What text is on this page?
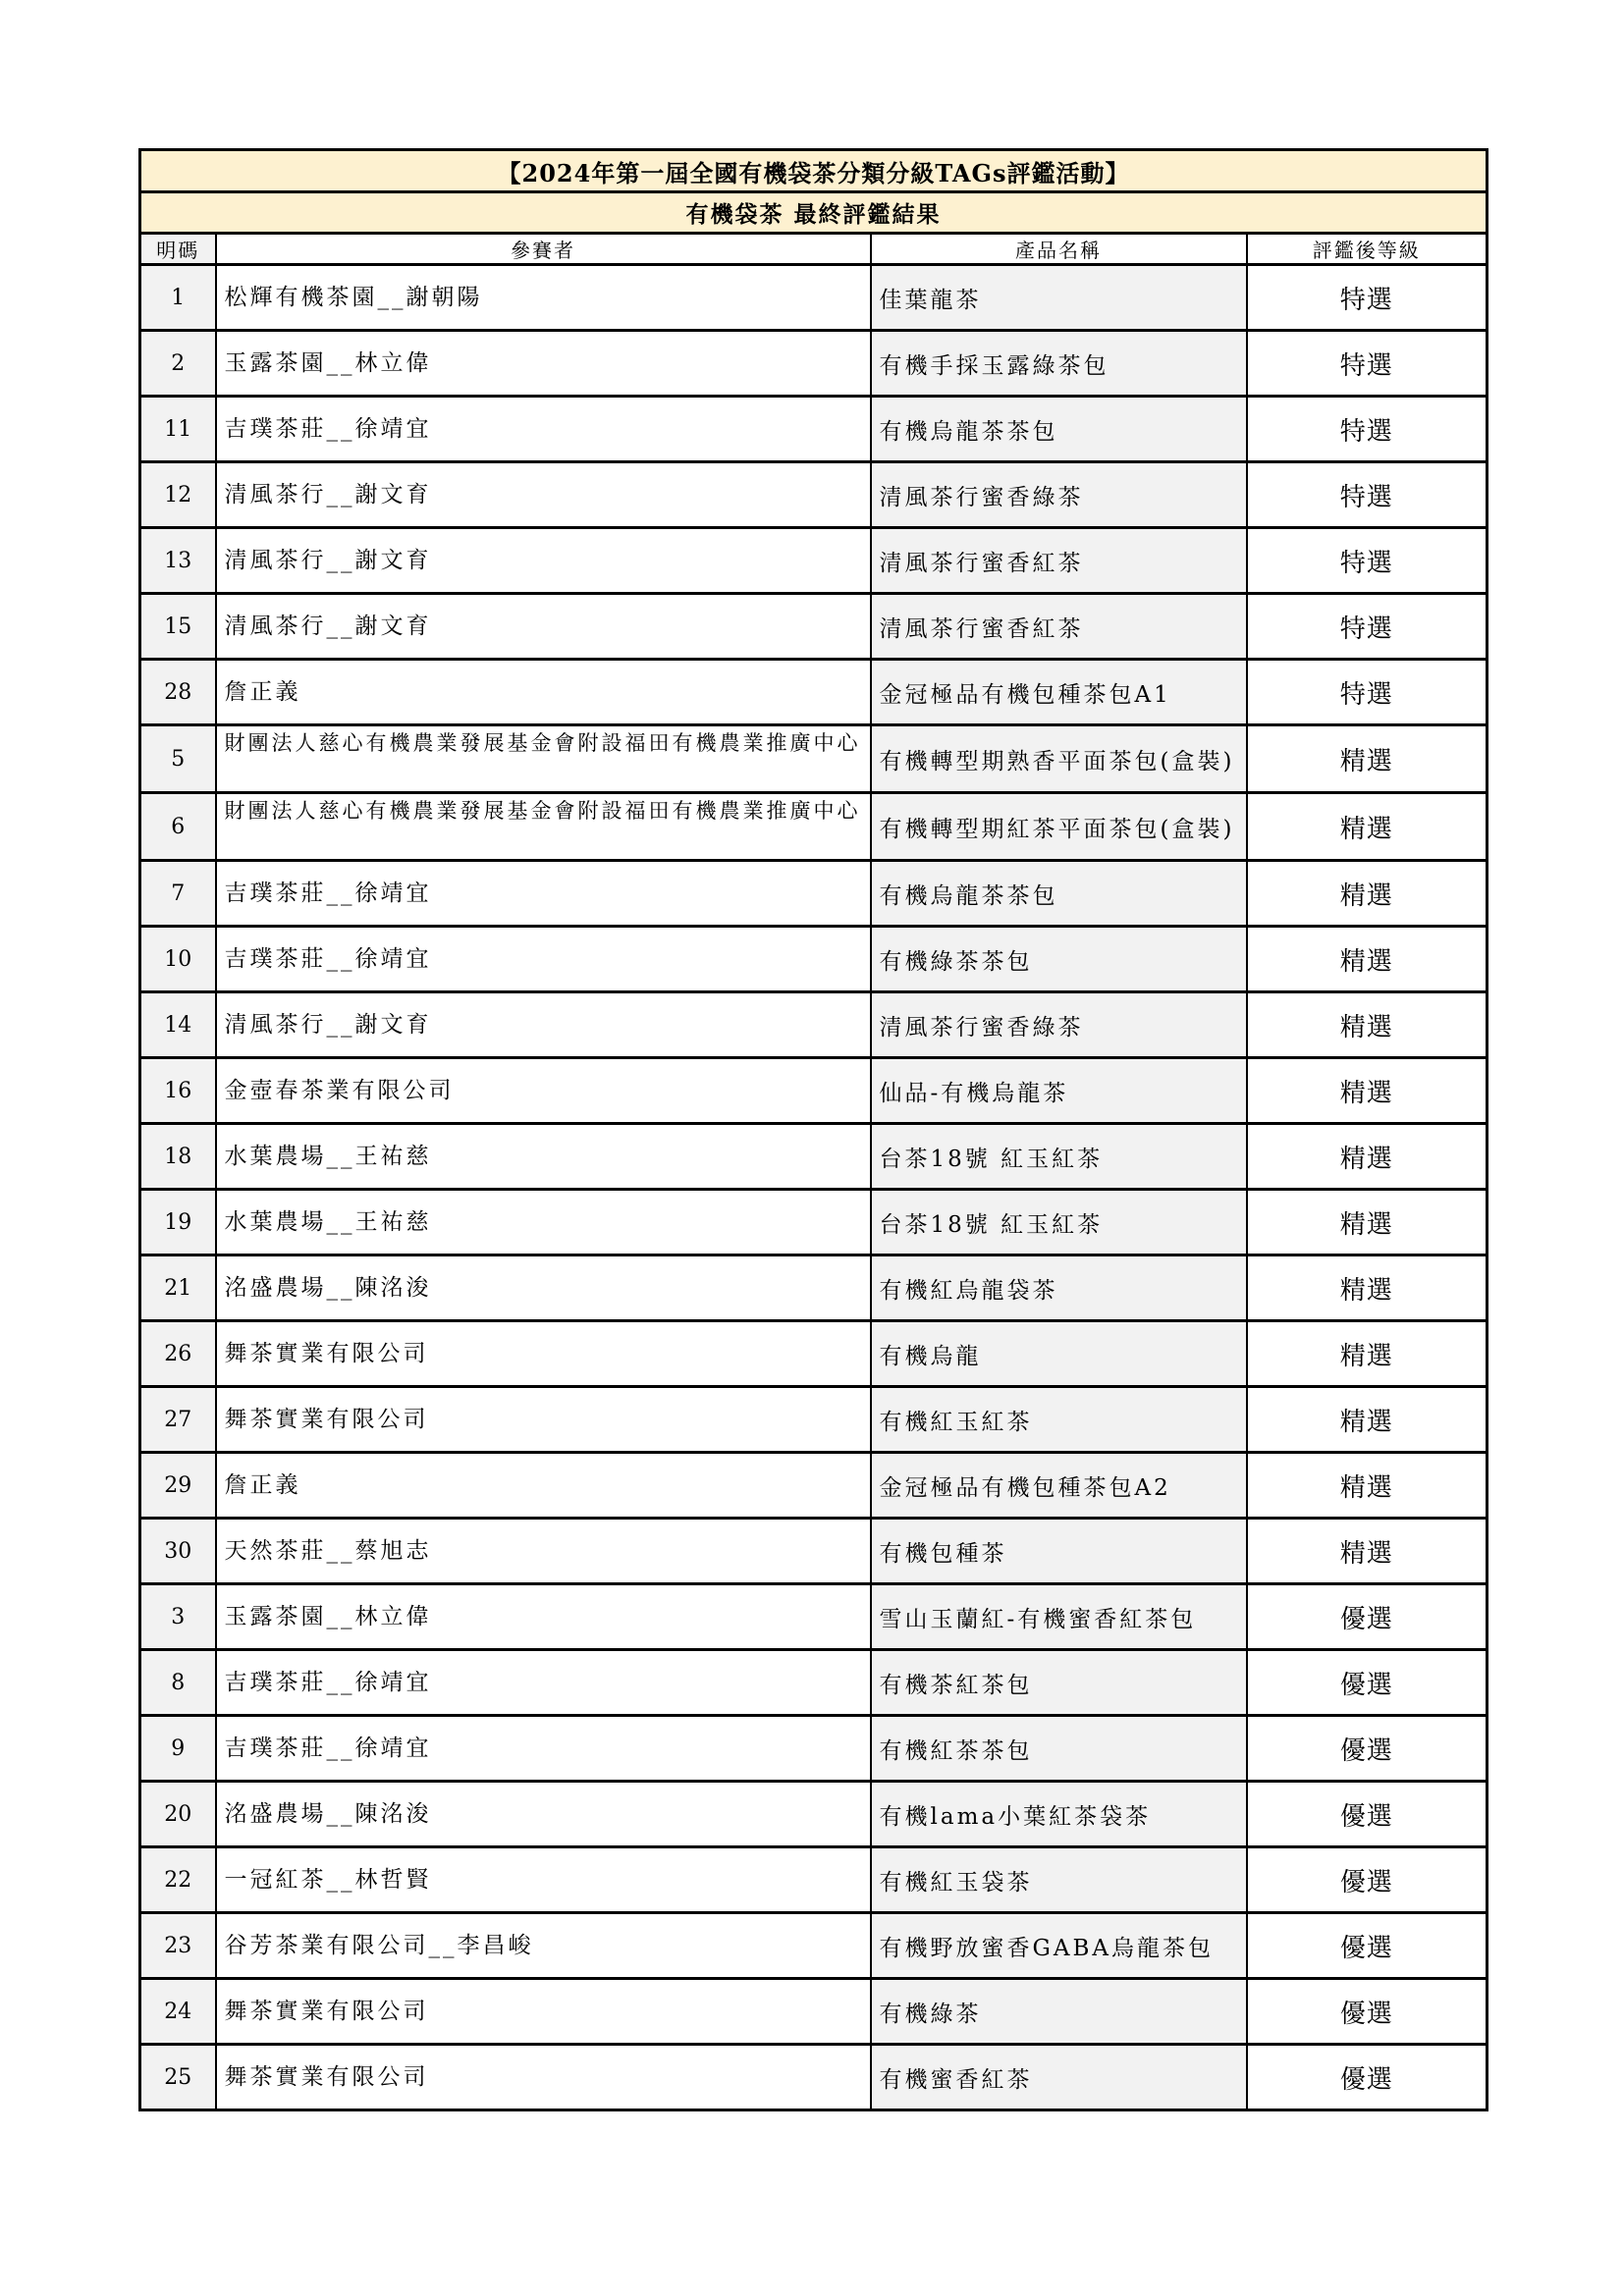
【2024年第一屆全國有機袋茶分類分級TAGs評鑑活動】			
有機袋茶 最終評鑑結果			
明碼	參賽者	產品名稱	評鑑後等級
1	松輝有機茶園__謝朝陽	佳葉龍茶	特選
2	玉露茶園__林立偉	有機手採玉露綠茶包	特選
11	吉璞茶莊__徐靖宜	有機烏龍茶茶包	特選
12	清風茶行__謝文育	清風茶行蜜香綠茶	特選
13	清風茶行__謝文育	清風茶行蜜香紅茶	特選
15	清風茶行__謝文育	清風茶行蜜香紅茶	特選
28	詹正義	金冠極品有機包種茶包A1	特選
5	財團法人慈心有機農業發展基金會附設福田有機農業推廣中心	有機轉型期熟香平面茶包(盒裝)	精選
6	財團法人慈心有機農業發展基金會附設福田有機農業推廣中心	有機轉型期紅茶平面茶包(盒裝)	精選
7	吉璞茶莊__徐靖宜	有機烏龍茶茶包	精選
10	吉璞茶莊__徐靖宜	有機綠茶茶包	精選
14	清風茶行__謝文育	清風茶行蜜香綠茶	精選
16	金壺春茶業有限公司	仙品-有機烏龍茶	精選
18	水葉農場__王祐慈	台茶18號 紅玉紅茶	精選
19	水葉農場__王祐慈	台茶18號 紅玉紅茶	精選
21	洺盛農場__陳洺浚	有機紅烏龍袋茶	精選
26	舞茶實業有限公司	有機烏龍	精選
27	舞茶實業有限公司	有機紅玉紅茶	精選
29	詹正義	金冠極品有機包種茶包A2	精選
30	天然茶莊__蔡旭志	有機包種茶	精選
3	玉露茶園__林立偉	雪山玉蘭紅-有機蜜香紅茶包	優選
8	吉璞茶莊__徐靖宜	有機茶紅茶包	優選
9	吉璞茶莊__徐靖宜	有機紅茶茶包	優選
20	洺盛農場__陳洺浚	有機lama小葉紅茶袋茶	優選
22	一冠紅茶__林哲賢	有機紅玉袋茶	優選
23	谷芳茶業有限公司__李昌峻	有機野放蜜香GABA烏龍茶包	優選
24	舞茶實業有限公司	有機綠茶	優選
25	舞茶實業有限公司	有機蜜香紅茶	優選
